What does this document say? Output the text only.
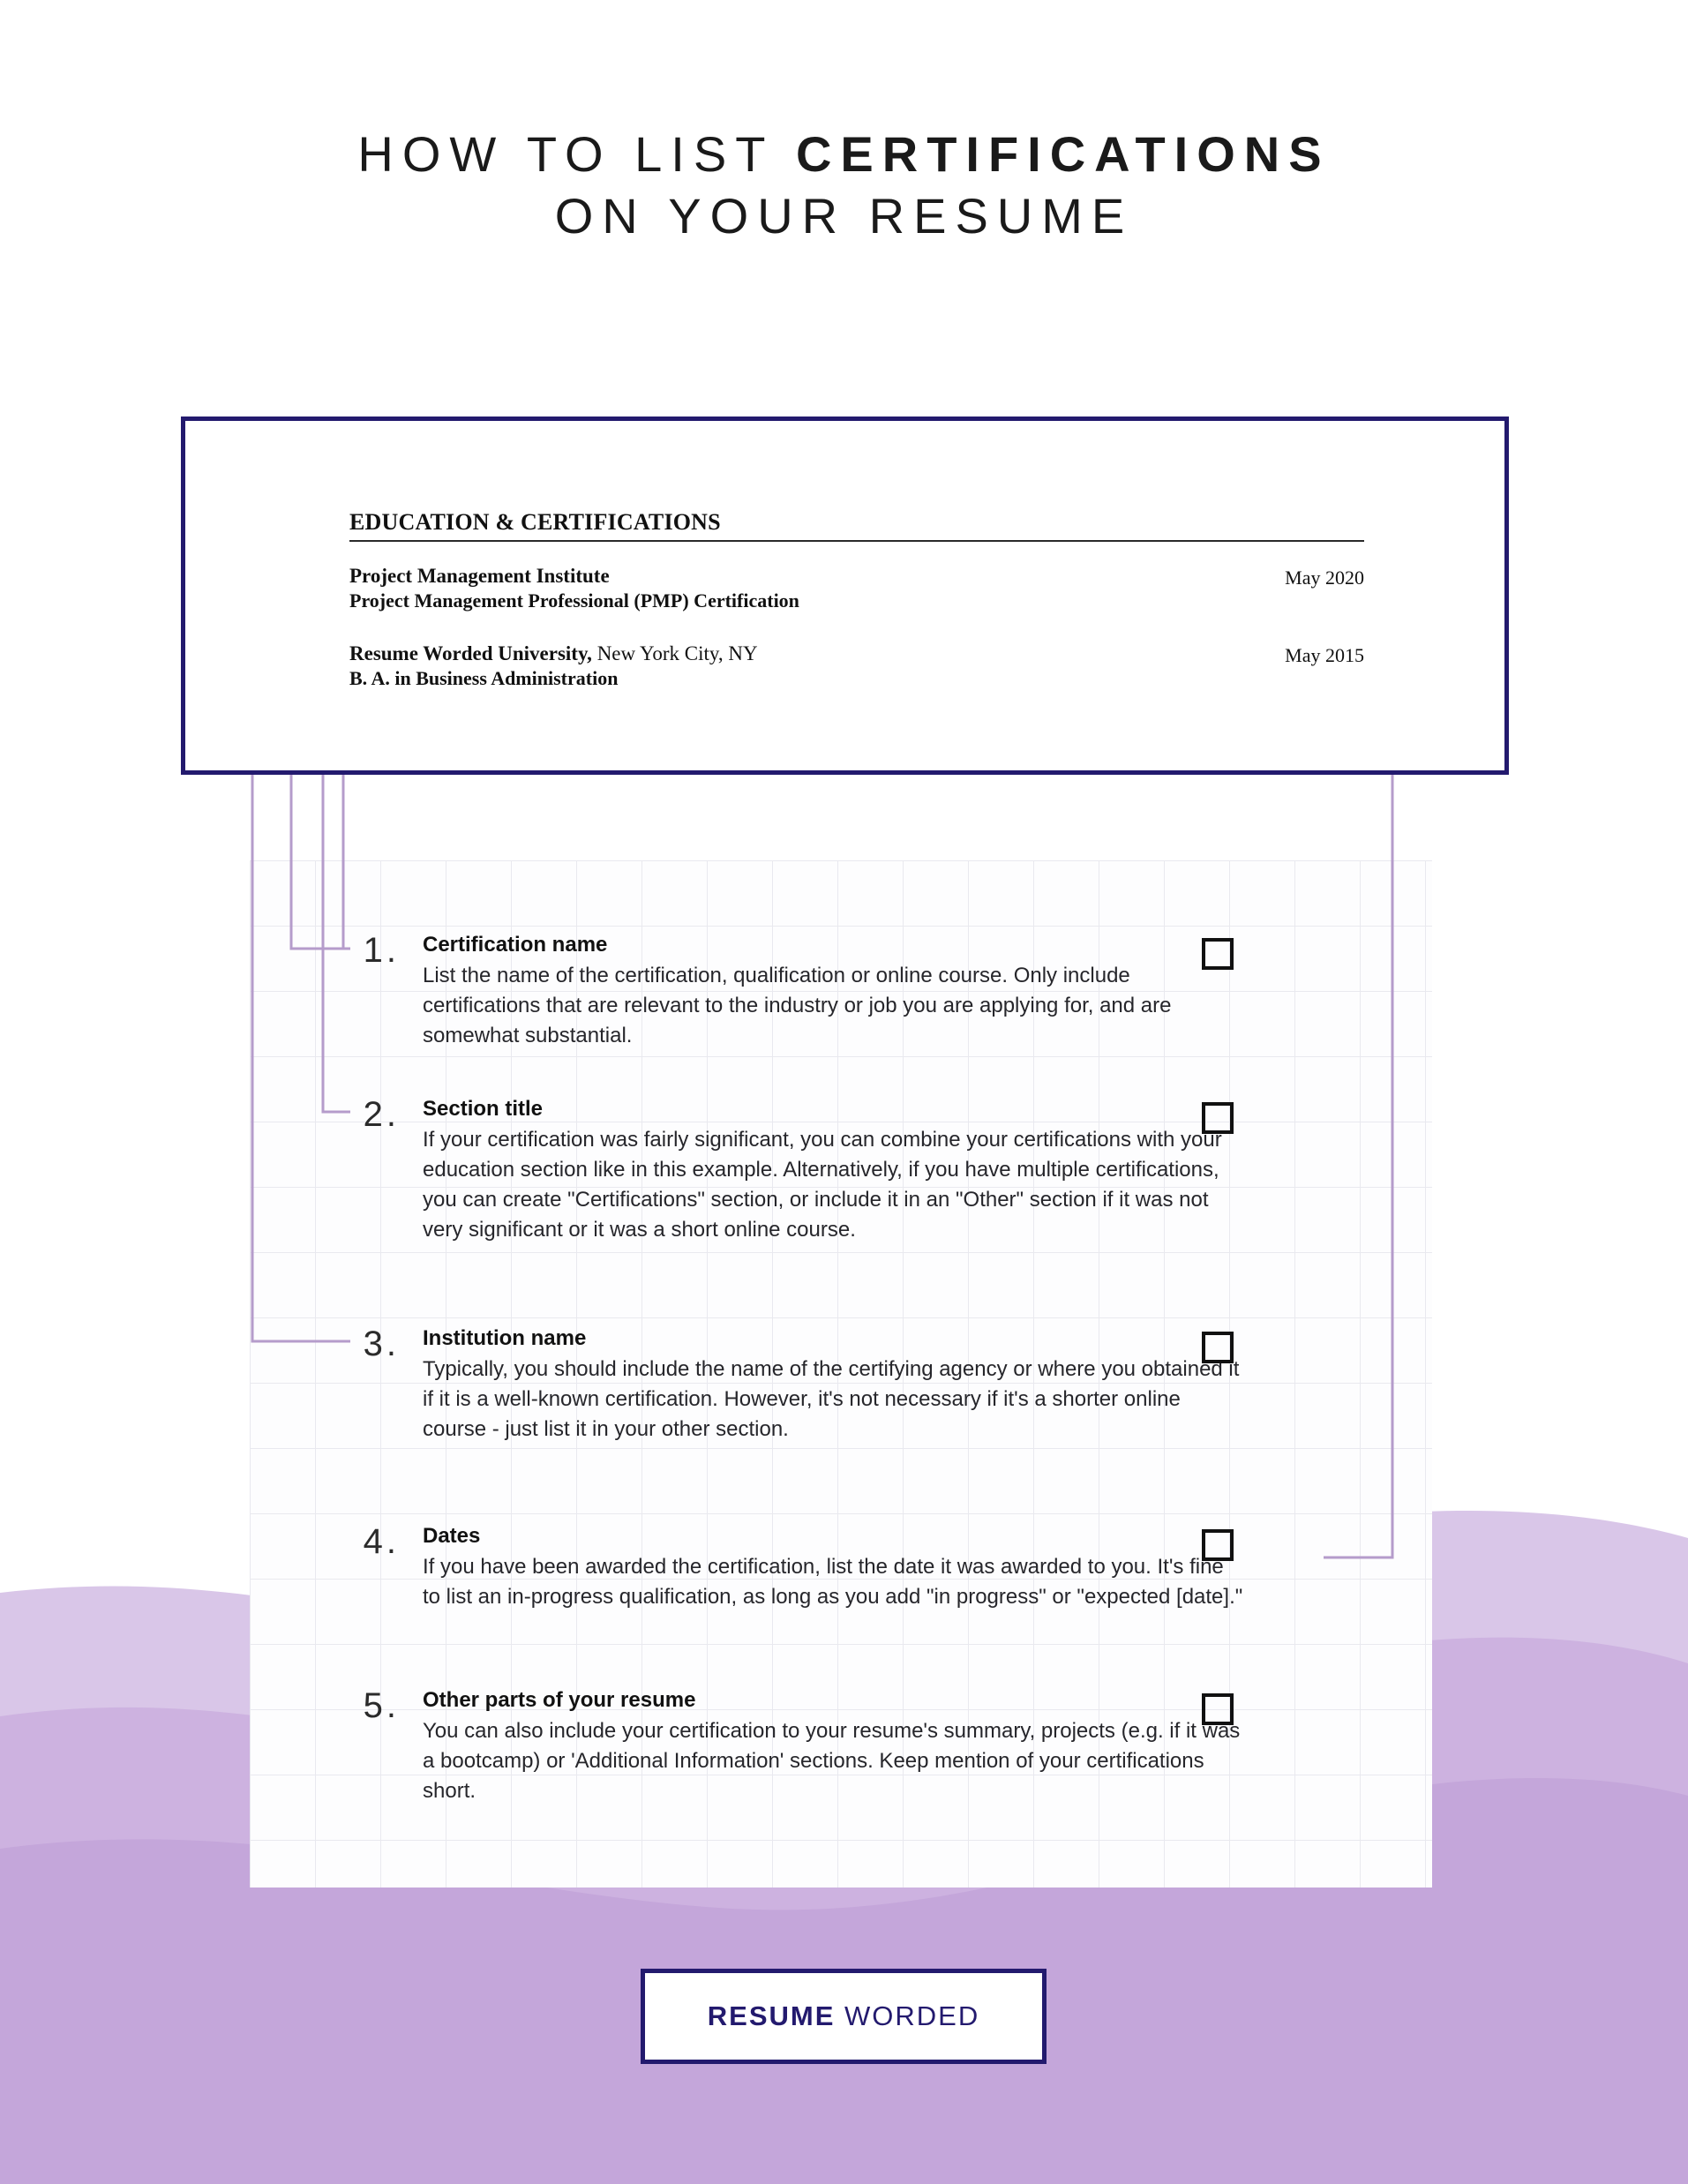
HOW TO LIST CERTIFICATIONS
ON YOUR RESUME
EDUCATION & CERTIFICATIONS
Project Management Institute
Project Management Professional (PMP) Certification
May 2020
Resume Worded University, New York City, NY
B. A. in Business Administration
May 2015
1. Certification name
List the name of the certification, qualification or online course. Only include certifications that are relevant to the industry or job you are applying for, and are somewhat substantial.
2. Section title
If your certification was fairly significant, you can combine your certifications with your education section like in this example. Alternatively, if you have multiple certifications, you can create "Certifications" section, or include it in an "Other" section if it was not very significant or it was a short online course.
3. Institution name
Typically, you should include the name of the certifying agency or where you obtained it if it is a well-known certification. However, it's not necessary if it's a shorter online course - just list it in your other section.
4. Dates
If you have been awarded the certification, list the date it was awarded to you. It's fine to list an in-progress qualification, as long as you add "in progress" or "expected [date]."
5. Other parts of your resume
You can also include your certification to your resume's summary, projects (e.g. if it was a bootcamp) or 'Additional Information' sections. Keep mention of your certifications short.
RESUME WORDED
